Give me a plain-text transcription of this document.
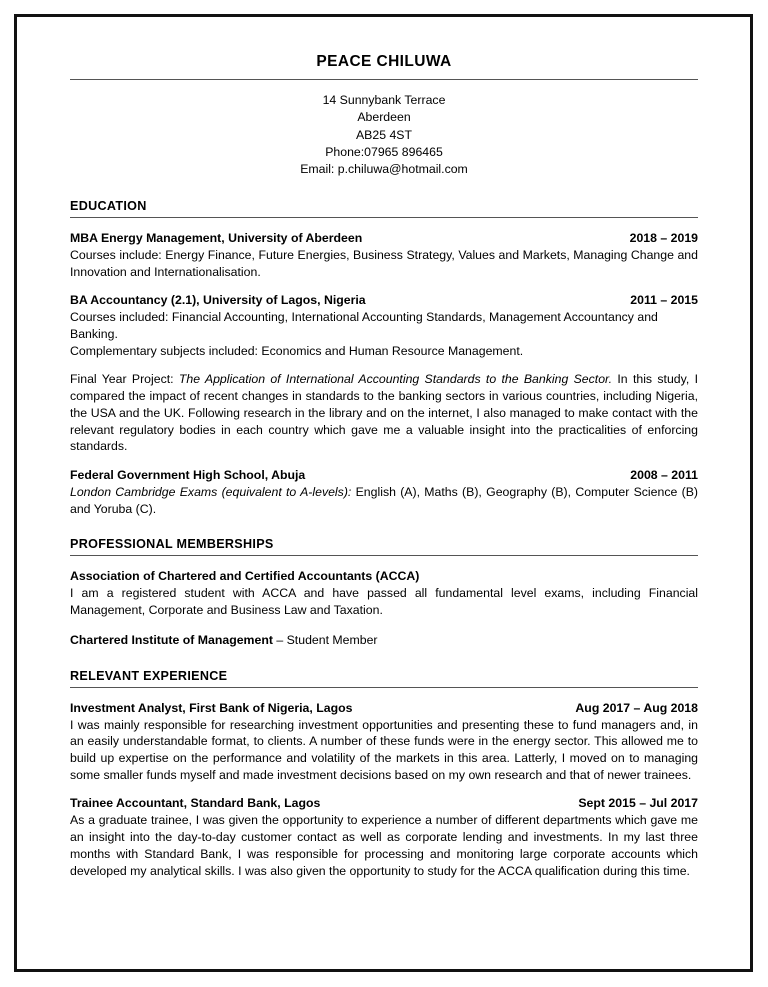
PEACE CHILUWA
14 Sunnybank Terrace
Aberdeen
AB25 4ST
Phone:07965 896465
Email: p.chiluwa@hotmail.com
EDUCATION
MBA Energy Management, University of Aberdeen	2018 – 2019

Courses include: Energy Finance, Future Energies, Business Strategy, Values and Markets, Managing Change and Innovation and Internationalisation.

BA Accountancy (2.1), University of Lagos, Nigeria	2011 – 2015

Courses included: Financial Accounting, International Accounting Standards, Management Accountancy and Banking.

Complementary subjects included: Economics and Human Resource Management.

Final Year Project: The Application of International Accounting Standards to the Banking Sector. In this study, I compared the impact of recent changes in standards to the banking sectors in various countries, including Nigeria, the USA and the UK. Following research in the library and on the internet, I also managed to make contact with the relevant regulatory bodies in each country which gave me a valuable insight into the practicalities of enforcing standards.

Federal Government High School, Abuja	2008 – 2011

London Cambridge Exams (equivalent to A-levels): English (A), Maths (B), Geography (B), Computer Science (B) and Yoruba (C).

PROFESSIONAL MEMBERSHIPS
Association of Chartered and Certified Accountants (ACCA)

I am a registered student with ACCA and have passed all fundamental level exams, including Financial Management, Corporate and Business Law and Taxation.

Chartered Institute of Management – Student Member
RELEVANT EXPERIENCE
Investment Analyst, First Bank of Nigeria, Lagos	Aug 2017 – Aug 2018

I was mainly responsible for researching investment opportunities and presenting these to fund managers and, in an easily understandable format, to clients. A number of these funds were in the energy sector. This allowed me to build up expertise on the performance and volatility of the markets in this area. Latterly, I moved on to managing some smaller funds myself and made investment decisions based on my own research and that of newer trainees.

Trainee Accountant, Standard Bank, Lagos	Sept 2015 – Jul 2017

As a graduate trainee, I was given the opportunity to experience a number of different departments which gave me an insight into the day-to-day customer contact as well as corporate lending and investments. In my last three months with Standard Bank, I was responsible for processing and monitoring large corporate accounts which developed my analytical skills. I was also given the opportunity to study for the ACCA qualification during this time.
